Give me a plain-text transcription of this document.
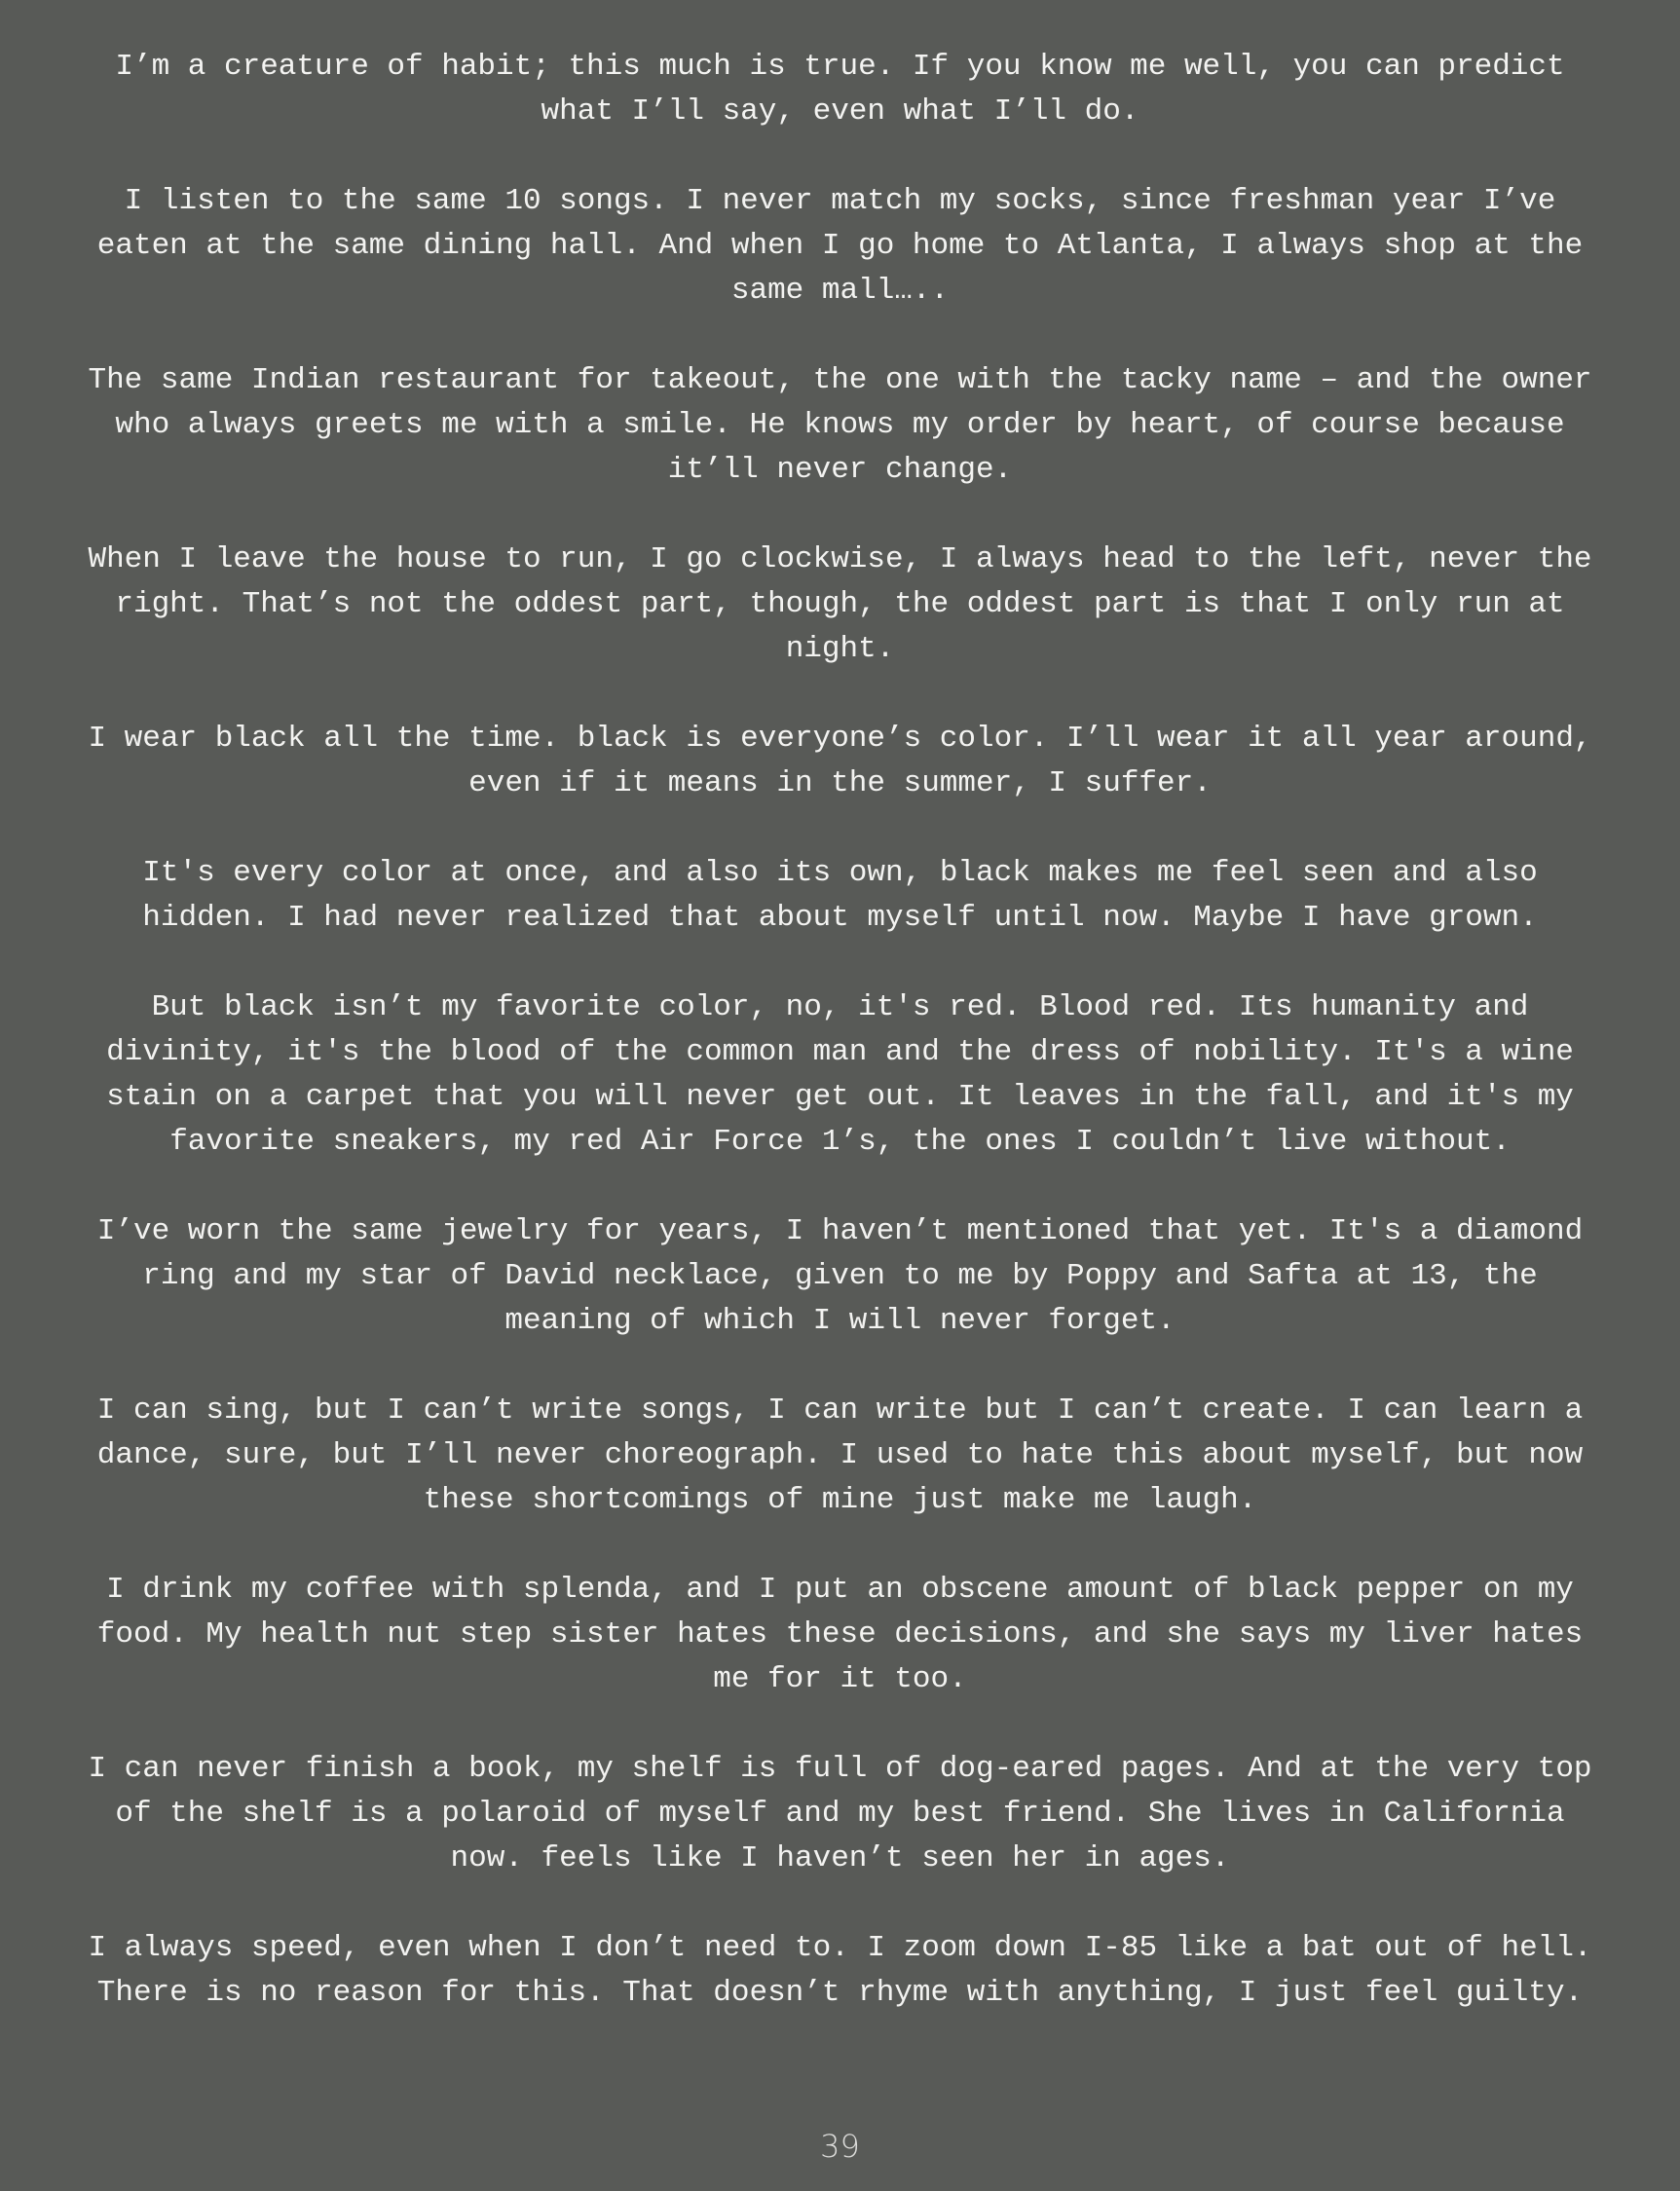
I’m a creature of habit; this much is true. If you know me well, you can predict what I’ll say, even what I’ll do.

I listen to the same 10 songs. I never match my socks, since freshman year I’ve eaten at the same dining hall. And when I go home to Atlanta, I always shop at the same mall…..

The same Indian restaurant for takeout, the one with the tacky name – and the owner who always greets me with a smile. He knows my order by heart, of course because it’ll never change.

When I leave the house to run, I go clockwise, I always head to the left, never the right. That’s not the oddest part, though, the oddest part is that I only run at night.

I wear black all the time. black is everyone’s color. I’ll wear it all year around, even if it means in the summer, I suffer.

It's every color at once, and also its own, black makes me feel seen and also hidden. I had never realized that about myself until now. Maybe I have grown.

But black isn’t my favorite color, no, it's red. Blood red. Its humanity and divinity, it's the blood of the common man and the dress of nobility. It's a wine stain on a carpet that you will never get out. It leaves in the fall, and it's my favorite sneakers, my red Air Force 1’s, the ones I couldn’t live without.

I’ve worn the same jewelry for years, I haven’t mentioned that yet. It's a diamond ring and my star of David necklace, given to me by Poppy and Safta at 13, the meaning of which I will never forget.

I can sing, but I can’t write songs, I can write but I can’t create. I can learn a dance, sure, but I’ll never choreograph. I used to hate this about myself, but now these shortcomings of mine just make me laugh.

I drink my coffee with splenda, and I put an obscene amount of black pepper on my food. My health nut step sister hates these decisions, and she says my liver hates me for it too.

I can never finish a book, my shelf is full of dog-eared pages. And at the very top of the shelf is a polaroid of myself and my best friend. She lives in California now. feels like I haven’t seen her in ages.

I always speed, even when I don’t need to. I zoom down I-85 like a bat out of hell. There is no reason for this. That doesn’t rhyme with anything, I just feel guilty.

39
